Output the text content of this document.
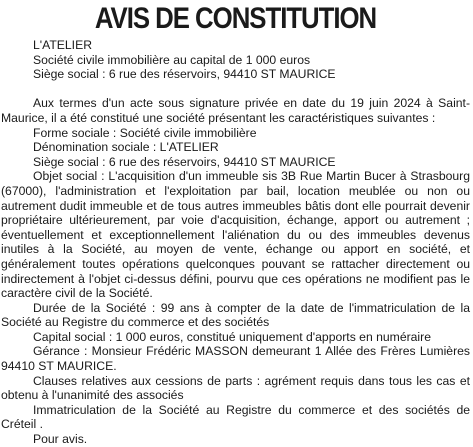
AVIS DE CONSTITUTION
L'ATELIER
Société civile immobilière au capital de 1 000 euros
Siège social : 6 rue des réservoirs, 94410 ST MAURICE

Aux termes d'un acte sous signature privée en date du 19 juin 2024 à Saint-Maurice, il a été constitué une société présentant les caractéristiques suivantes :

Forme sociale : Société civile immobilière
Dénomination sociale : L'ATELIER
Siège social : 6 rue des réservoirs, 94410 ST MAURICE

Objet social : L'acquisition d'un immeuble sis 3B Rue Martin Bucer à Strasbourg (67000), l'administration et l'exploitation par bail, location meublée ou non ou autrement dudit immeuble et de tous autres immeubles bâtis dont elle pourrait devenir propriétaire ultérieurement, par voie d'acquisition, échange, apport ou autrement ; éventuellement et exceptionnellement l'aliénation du ou des immeubles devenus inutiles à la Société, au moyen de vente, échange ou apport en société, et généralement toutes opérations quelconques pouvant se rattacher directement ou indirectement à l'objet ci-dessus défini, pourvu que ces opérations ne modifient pas le caractère civil de la Société.

Durée de la Société : 99 ans à compter de la date de l'immatriculation de la Société au Registre du commerce et des sociétés

Capital social : 1 000 euros, constitué uniquement d'apports en numéraire

Gérance : Monsieur Frédéric MASSON demeurant 1 Allée des Frères Lumières 94410 ST MAURICE.

Clauses relatives aux cessions de parts : agrément requis dans tous les cas et obtenu à l'unanimité des associés

Immatriculation de la Société au Registre du commerce et des sociétés de Créteil .

Pour avis.
